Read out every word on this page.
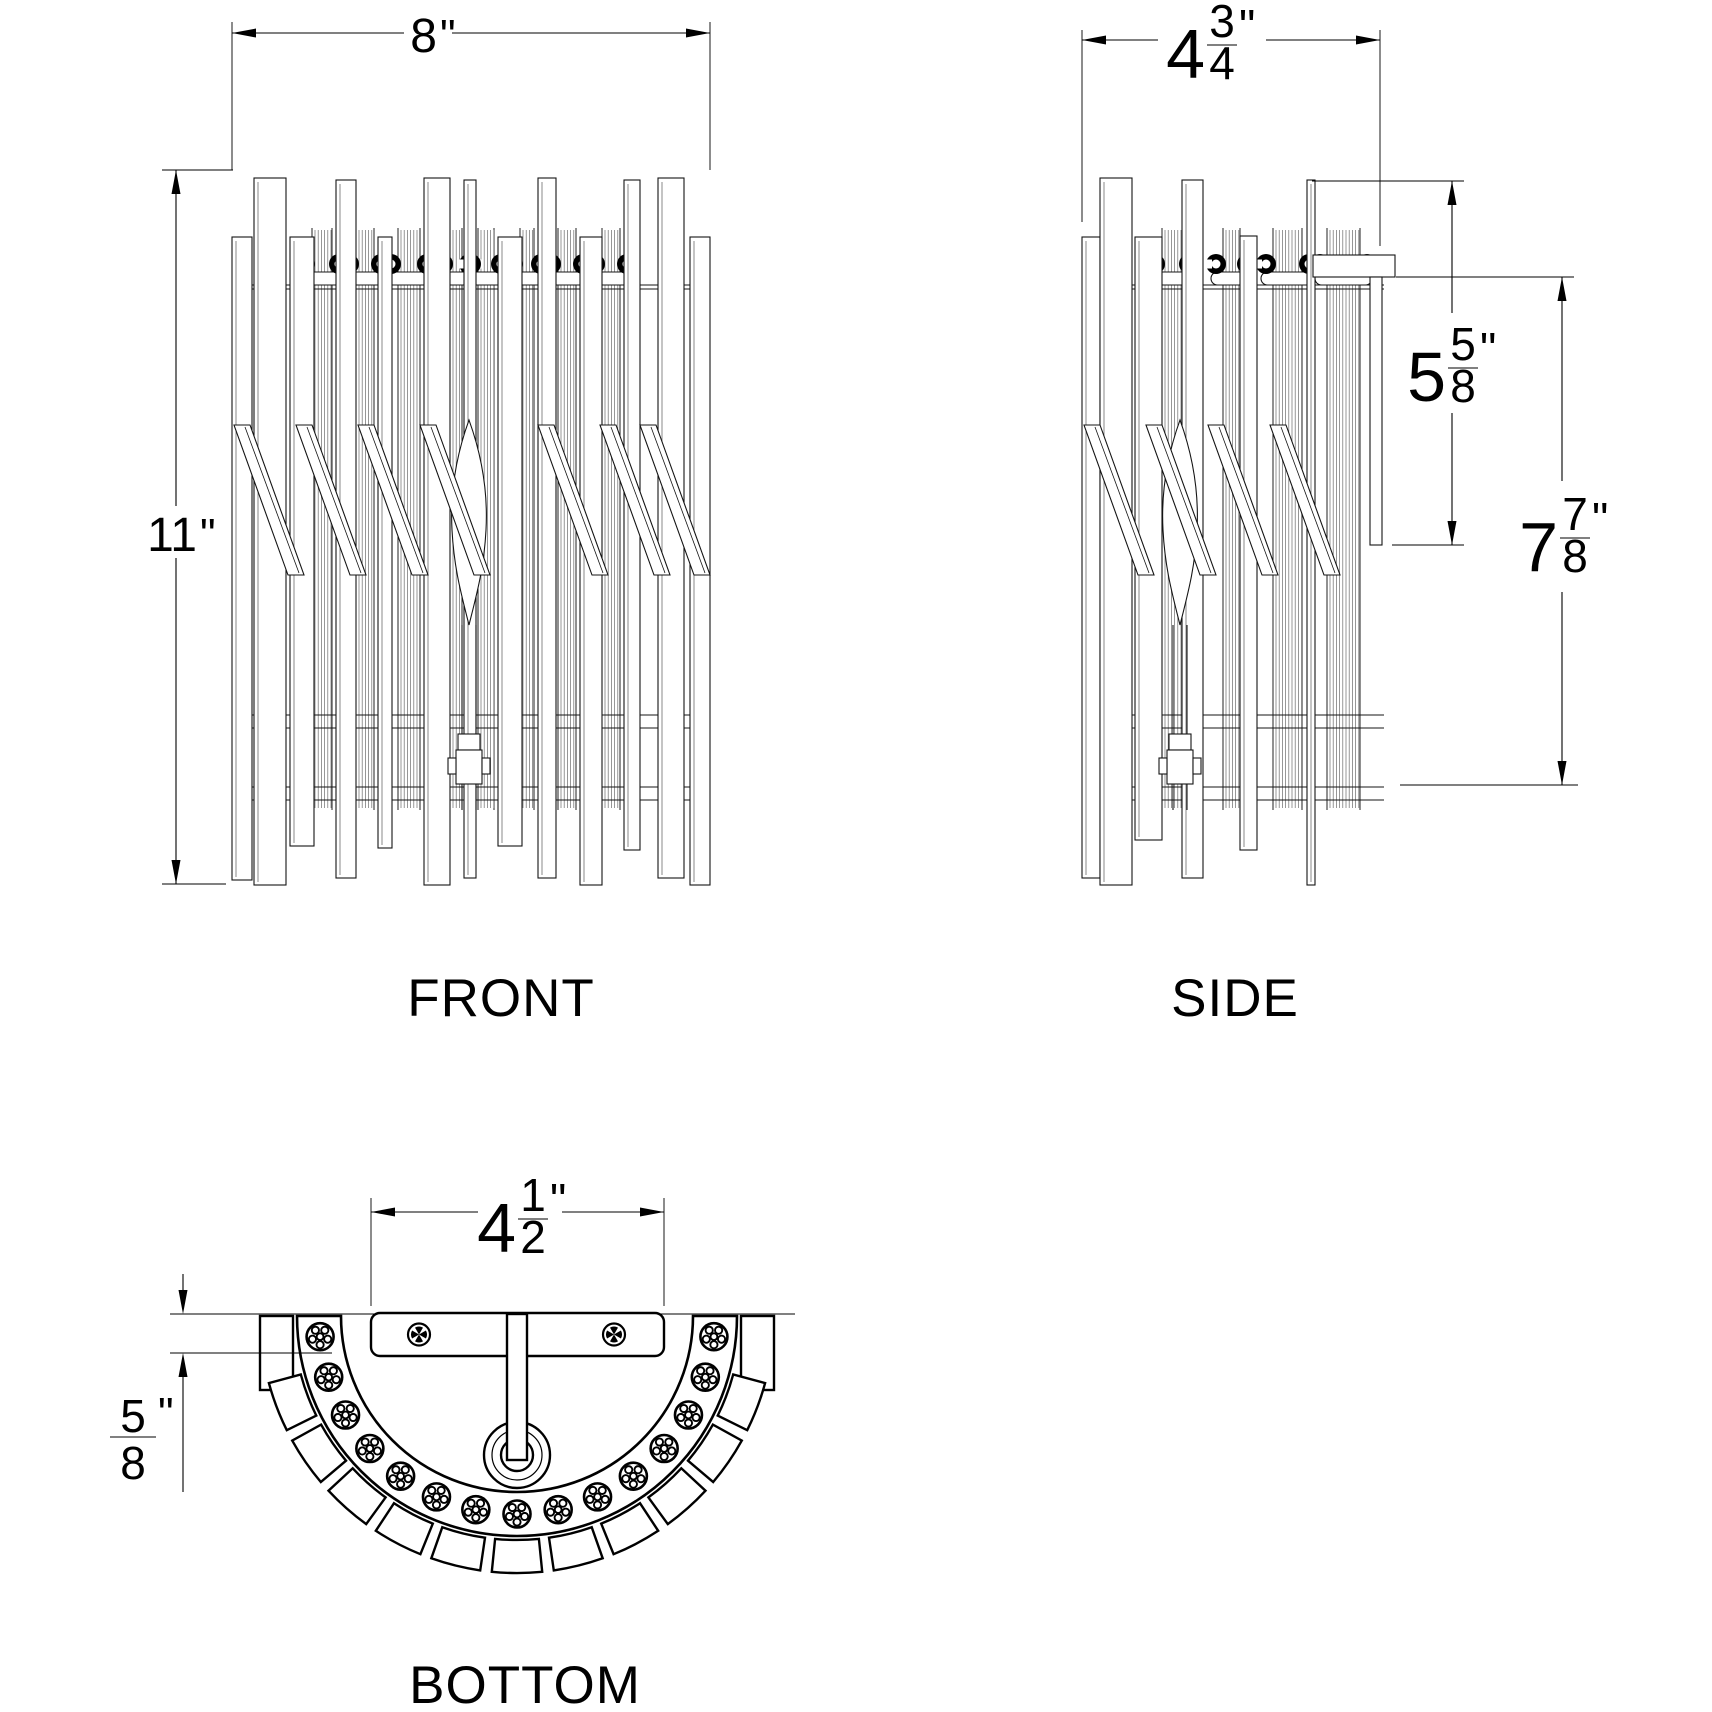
8 "
11 "
FRONT
4 3
4
"
5 5
8
"
7 7
8
"
SIDE
4 1
2
"
5
8
"
BOTTOM
